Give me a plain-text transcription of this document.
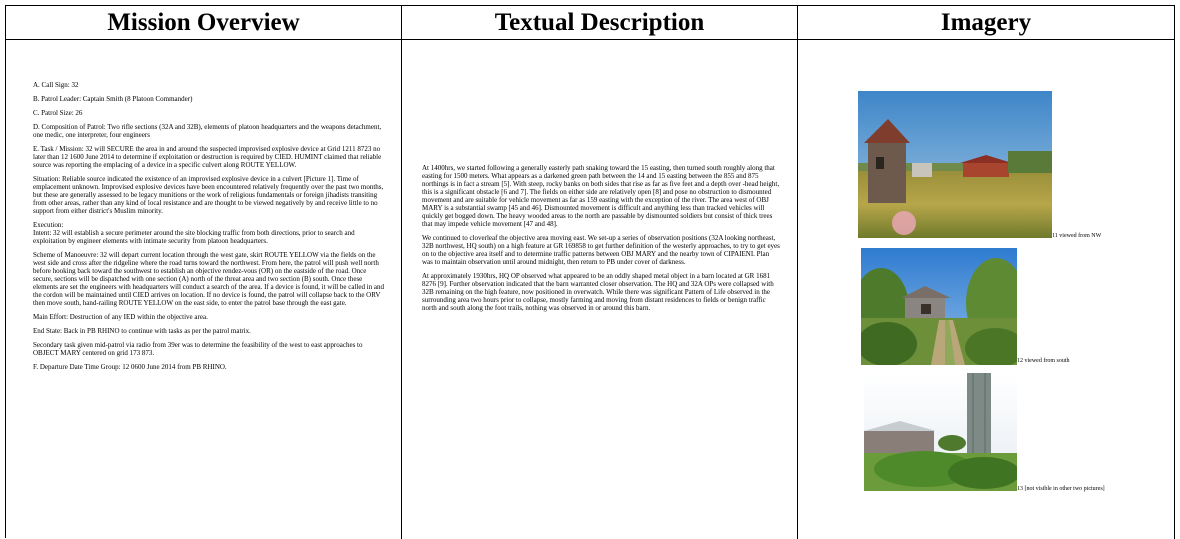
Mission Overview

A. Call Sign: 32

B. Patrol Leader: Captain Smith (8 Platoon Commander)

C. Patrol Size: 26

D. Composition of Patrol: Two rifle sections (32A and 32B), elements of platoon headquarters and the weapons detachment, one medic, one interpreter, four engineers

E. Task / Mission: 32 will SECURE the area in and around the suspected improvised explosive device at Grid 1211 8723 no later than 12 1600 June 2014 to determine if exploitation or destruction is required by CIED. HUMINT claimed that reliable source was reporting the emplacing of a device in a specific culvert along ROUTE YELLOW.

Situation: Reliable source indicated the existence of an improvised explosive device in a culvert [Picture 1]. Time of emplacement unknown. Improvised explosive devices have been encountered relatively frequently over the past two months, but these are generally assessed to be legacy munitions or the work of religious fundamentals or foreign jihadists transiting from other areas, rather than any kind of local resistance and are thought to be viewed negatively by and receive little to no support from either district's Muslim minority.

Execution:
Intent: 32 will establish a secure perimeter around the site blocking traffic from both directions, prior to search and exploitation by engineer elements with intimate security from platoon headquarters.

Scheme of Manoeuvre: 32 will depart current location through the west gate, skirt ROUTE YELLOW via the fields on the west side and cross after the ridgeline where the road turns toward the northwest. From here, the patrol will push well north before hooking back toward the southwest to establish an objective rendez-vous (OR) on the eastside of the road. Once secure, sections will be dispatched with one section (A) north of the threat area and two section (B) south. Once these elements are set the engineers with headquarters will conduct a search of the area. If a device is found, it will be called in and the cordon will be maintained until CIED arrives on location. If no device is found, the patrol will collapse back to the ORV then move south, hand-railing ROUTE YELLOW on the east side, to enter the patrol base through the east gate.

Main Effort: Destruction of any IED within the objective area.

End State: Back in PB RHINO to continue with tasks as per the patrol matrix.

Secondary task given mid-patrol via radio from 39er was to determine the feasibility of the west to east approaches to OBJECT MARY centered on grid 173 873.

F. Departure Date Time Group: 12 0600 June 2014 from PB RHINO.

Textual Description

At 1400hrs, we started following a generally easterly path snaking toward the 15 easting, then turned south roughly along that easting for 1500 meters. What appears as a darkened green path between the 14 and 15 easting between the 855 and 875 northings is in fact a stream [5]. With steep, rocky banks on both sides that rise as far as five feet and a depth over -head height, this is a significant obstacle [6 and 7]. The fields on either side are relatively open [8] and pose no obstruction to dismounted movement and are suitable for vehicle movement as far as 159 easting with the exception of the river. The area west of OBJ MARY is a substantial swamp [45 and 46]. Dismounted movement is difficult and anything less than tracked vehicles will quickly get bogged down. The heavy wooded areas to the north are passable by dismounted soldiers but consist of thick trees that may impede vehicle movement [47 and 48].

We continued to cloverleaf the objective area moving east. We set-up a series of observation positions (32A looking northeast, 32B northwest, HQ south) on a high feature at GR 169858 to get further definition of the westerly approaches, to try to get eyes on to the objective area itself and to determine traffic patterns between OBJ MARY and the nearby town of CIPAIENI. Plan was to maintain observation until around midnight, then return to PB under cover of darkness.

At approximately 1930hrs, HQ OP observed what appeared to be an oddly shaped metal object in a barn located at GR 1681 8276 [9]. Further observation indicated that the barn warranted closer observation. The HQ and 32A OPs were collapsed with 32B remaining on the high feature, now positioned in overwatch. While there was significant Pattern of Life observed in the surrounding area two hours prior to collapse, mostly farming and moving from distant residences to fields or benign traffic north and south along the foot trails, nothing was observed in or around this barn.

Imagery
11 viewed from NW
12 viewed from south
13 [not visible in other two pictures]
